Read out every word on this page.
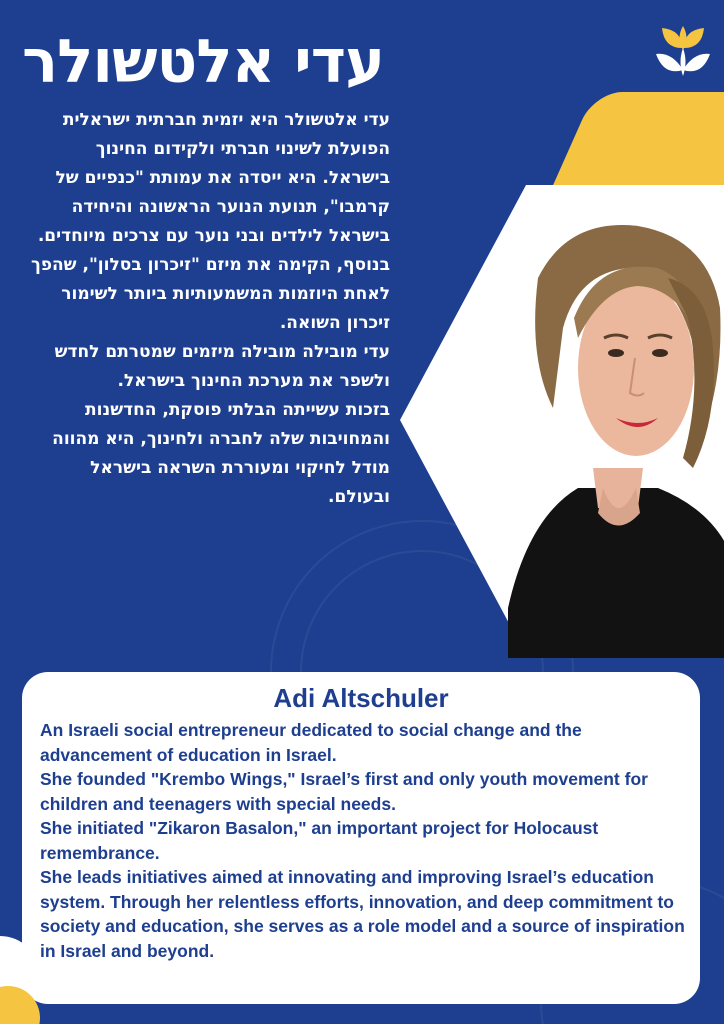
עדי אלטשולר

עדי אלטשולר היא יזמית חברתית ישראלית הפועלת לשינוי חברתי ולקידום החינוך בישראל. היא ייסדה את עמותת "כנפיים של קרמבו", תנועת הנוער הראשונה והיחידה בישראל לילדים ובני נוער עם צרכים מיוחדים.

בנוסף, הקימה את מיזם "זיכרון בסלון", שהפך לאחת היוזמות המשמעותיות ביותר לשימור זיכרון השואה.

עדי מובילה מובילה מיזמים שמטרתם לחדש ולשפר את מערכת החינוך בישראל.

בזכות עשייתה הבלתי פוסקת, החדשנות והמחויבות שלה לחברה ולחינוך, היא מהווה מודל לחיקוי ומעוררת השראה בישראל ובעולם.

Adi Altschuler

An Israeli social entrepreneur dedicated to social change and the advancement of education in Israel.

She founded "Krembo Wings," Israel’s first and only youth movement for children and teenagers with special needs.

She initiated "Zikaron Basalon," an important project for Holocaust remembrance.

She leads initiatives aimed at innovating and improving Israel’s education system. Through her relentless efforts, innovation, and deep commitment to society and education, she serves as a role model and a source of inspiration in Israel and beyond.
